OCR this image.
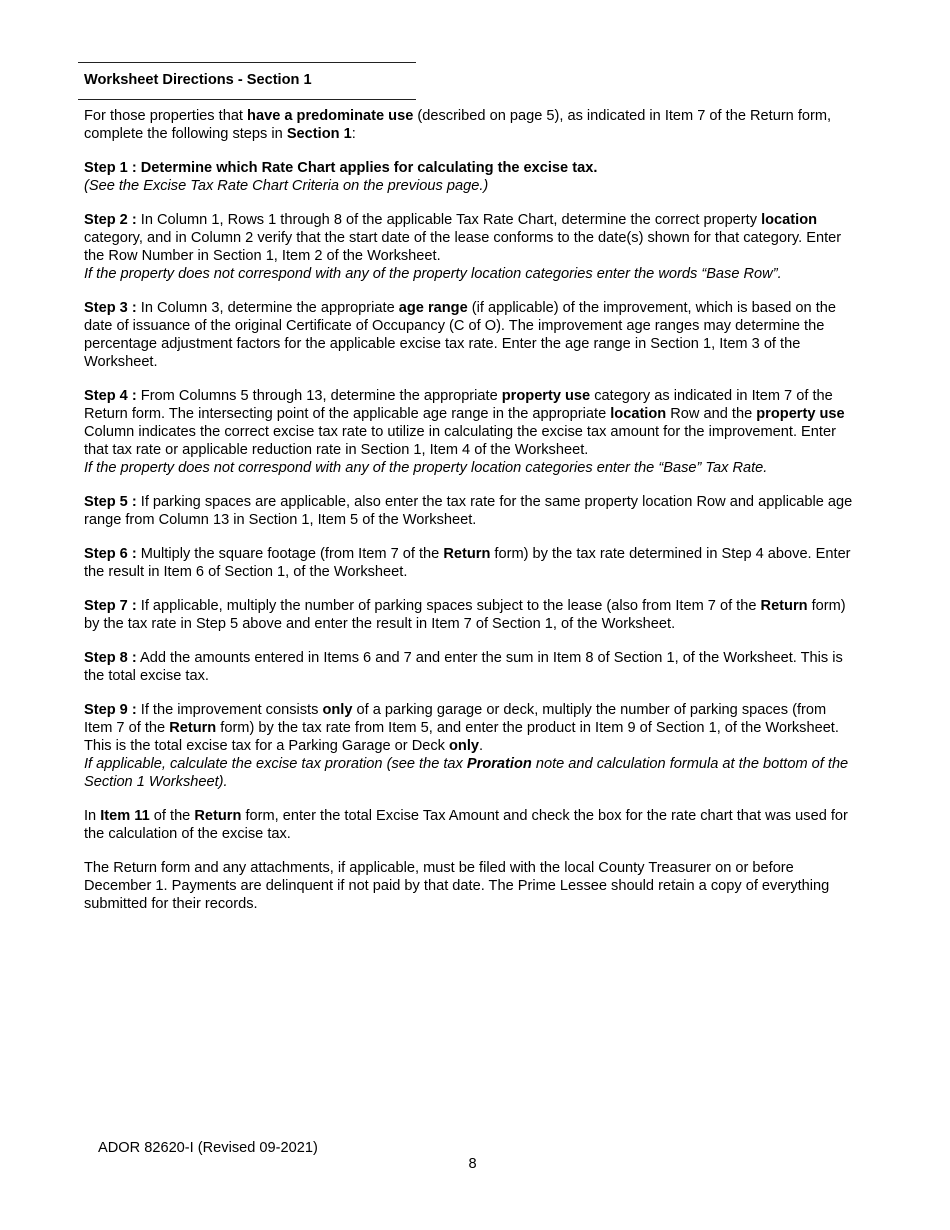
Worksheet Directions - Section 1

For those properties that have a predominate use (described on page 5), as indicated in Item 7 of the Return form, complete the following steps in Section 1:

Step 1 : Determine which Rate Chart applies for calculating the excise tax.
(See the Excise Tax Rate Chart Criteria on the previous page.)

Step 2 : In Column 1, Rows 1 through 8 of the applicable Tax Rate Chart, determine the correct property location category, and in Column 2 verify that the start date of the lease conforms to the date(s) shown for that category. Enter the Row Number in Section 1, Item 2 of the Worksheet.
If the property does not correspond with any of the property location categories enter the words “Base Row”.

Step 3 : In Column 3, determine the appropriate age range (if applicable) of the improvement, which is based on the date of issuance of the original Certificate of Occupancy (C of O). The improvement age ranges may determine the percentage adjustment factors for the applicable excise tax rate. Enter the age range in Section 1, Item 3 of the Worksheet.

Step 4 : From Columns 5 through 13, determine the appropriate property use category as indicated in Item 7 of the Return form. The intersecting point of the applicable age range in the appropriate location Row and the property use Column indicates the correct excise tax rate to utilize in calculating the excise tax amount for the improvement. Enter that tax rate or applicable reduction rate in Section 1, Item 4 of the Worksheet.
If the property does not correspond with any of the property location categories enter the “Base” Tax Rate.

Step 5 : If parking spaces are applicable, also enter the tax rate for the same property location Row and applicable age range from Column 13 in Section 1, Item 5 of the Worksheet.

Step 6 : Multiply the square footage (from Item 7 of the Return form) by the tax rate determined in Step 4 above. Enter the result in Item 6 of Section 1, of the Worksheet.

Step 7 : If applicable, multiply the number of parking spaces subject to the lease (also from Item 7 of the Return form) by the tax rate in Step 5 above and enter the result in Item 7 of Section 1, of the Worksheet.

Step 8 : Add the amounts entered in Items 6 and 7 and enter the sum in Item 8 of Section 1, of the Worksheet. This is the total excise tax.

Step 9 : If the improvement consists only of a parking garage or deck, multiply the number of parking spaces (from Item 7 of the Return form) by the tax rate from Item 5, and enter the product in Item 9 of Section 1, of the Worksheet. This is the total excise tax for a Parking Garage or Deck only.
If applicable, calculate the excise tax proration (see the tax Proration note and calculation formula at the bottom of the Section 1 Worksheet).

In Item 11 of the Return form, enter the total Excise Tax Amount and check the box for the rate chart that was used for the calculation of the excise tax.

The Return form and any attachments, if applicable, must be filed with the local County Treasurer on or before December 1. Payments are delinquent if not paid by that date. The Prime Lessee should retain a copy of everything submitted for their records.

ADOR 82620-I (Revised 09-2021)
8
